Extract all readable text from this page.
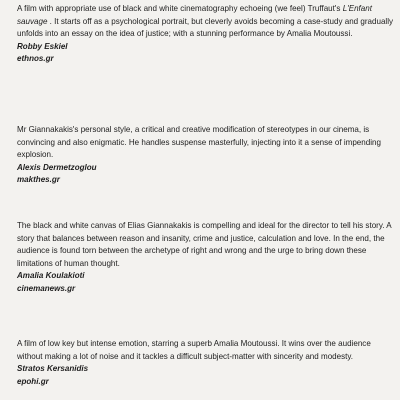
A film with appropriate use of black and white cinematography echoeing (we feel) Truffaut's L'Enfant sauvage . It starts off as a psychological portrait, but cleverly avoids becoming a case-study and gradually unfolds into an essay on the idea of justice; with a stunning performance by Amalia Moutoussi.

Robby Eskiel
ethnos.gr

Mr Giannakakis's personal style, a critical and creative modification of stereotypes in our cinema, is convincing and also enigmatic. He handles suspense masterfully, injecting into it a sense of impending explosion.

Alexis Dermetzoglou
makthes.gr

The black and white canvas of Elias Giannakakis is compelling and ideal for the director to tell his story. A story that balances between reason and insanity, crime and justice, calculation and love. In the end, the audience is found torn between the archetype of right and wrong and the urge to bring down these limitations of human thought.

Amalia Koulakioti
cinemanews.gr

A film of low key but intense emotion, starring a superb Amalia Moutoussi. It wins over the audience without making a lot of noise and it tackles a difficult subject-matter with sincerity and modesty.

Stratos Kersanidis
epohi.gr
